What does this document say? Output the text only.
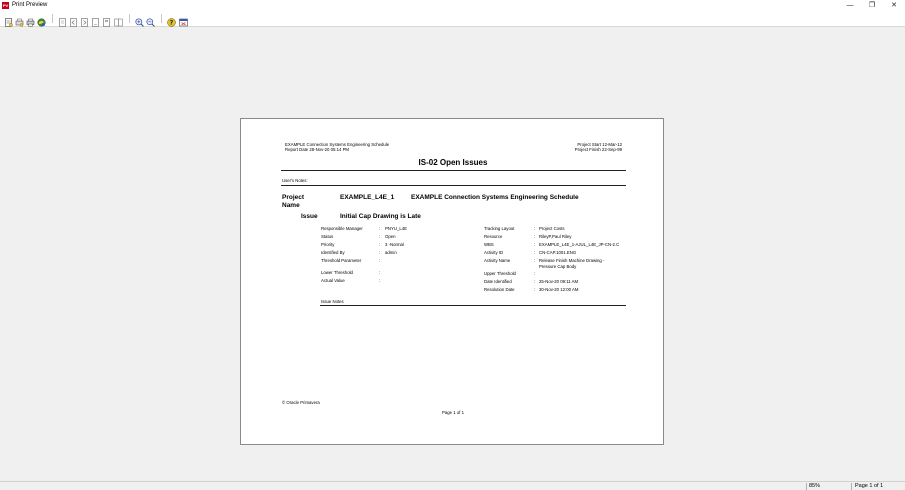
PV Print Preview	—	❐	✕
?
EXAMPLE Connection Systems Engineering Schedule
Report Date 28-Nov-20 05:14 PM
Project Start 12-Mar-12
Project Finish 22-Sep-99
IS-02 Open Issues
User's Notes:
Project Name
EXAMPLE_L4E_1	EXAMPLE Connection Systems Engineering Schedule
Issue	Initial Cap Drawing is Late
Responsible Manager	: PNYU_L4E
Status	: Open
Priority	: 3 -Normal
Identified By	: admin
Threshold Parameter	:
Lower Threshold	:
Actual Value	:
Tracking Layout	: Project Costs
Resource	: RileyP,Paul Riley
WBS	: EXAMPLE_L4E_1-AJUL_L4E_JP-CN-2.C
Activity ID	: CN-CAP.1001.ENG
Activity Name	: Release Finish Machine Drawing -
Pressure Cap Body
Upper Threshold	:
Date Identified	: 25-Nov-20 09:11 AM
Resolution Date	: 30-Nov-20 12:00 AM
Issue Notes
© Oracle Primavera
Page 1 of 1
85%	Page 1 of 1
